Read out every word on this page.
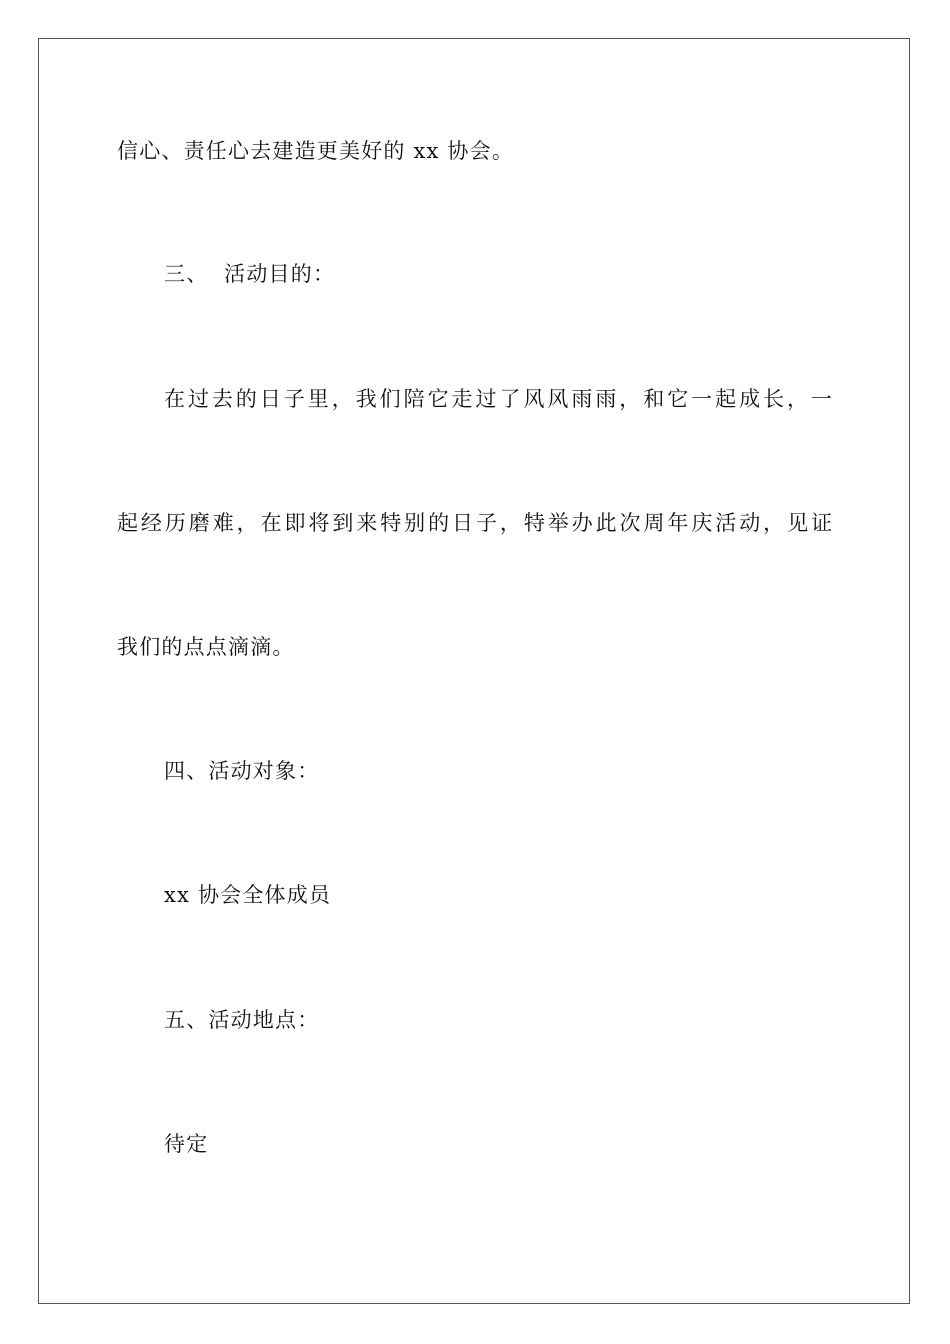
信心、责任心去建造更美好的 xx 协会。
三、  活动目的：
在过去的日子里，我们陪它走过了风风雨雨，和它一起成长，一
起经历磨难，在即将到来特别的日子，特举办此次周年庆活动，见证
我们的点点滴滴。
四、活动对象：
xx 协会全体成员
五、活动地点：
待定
